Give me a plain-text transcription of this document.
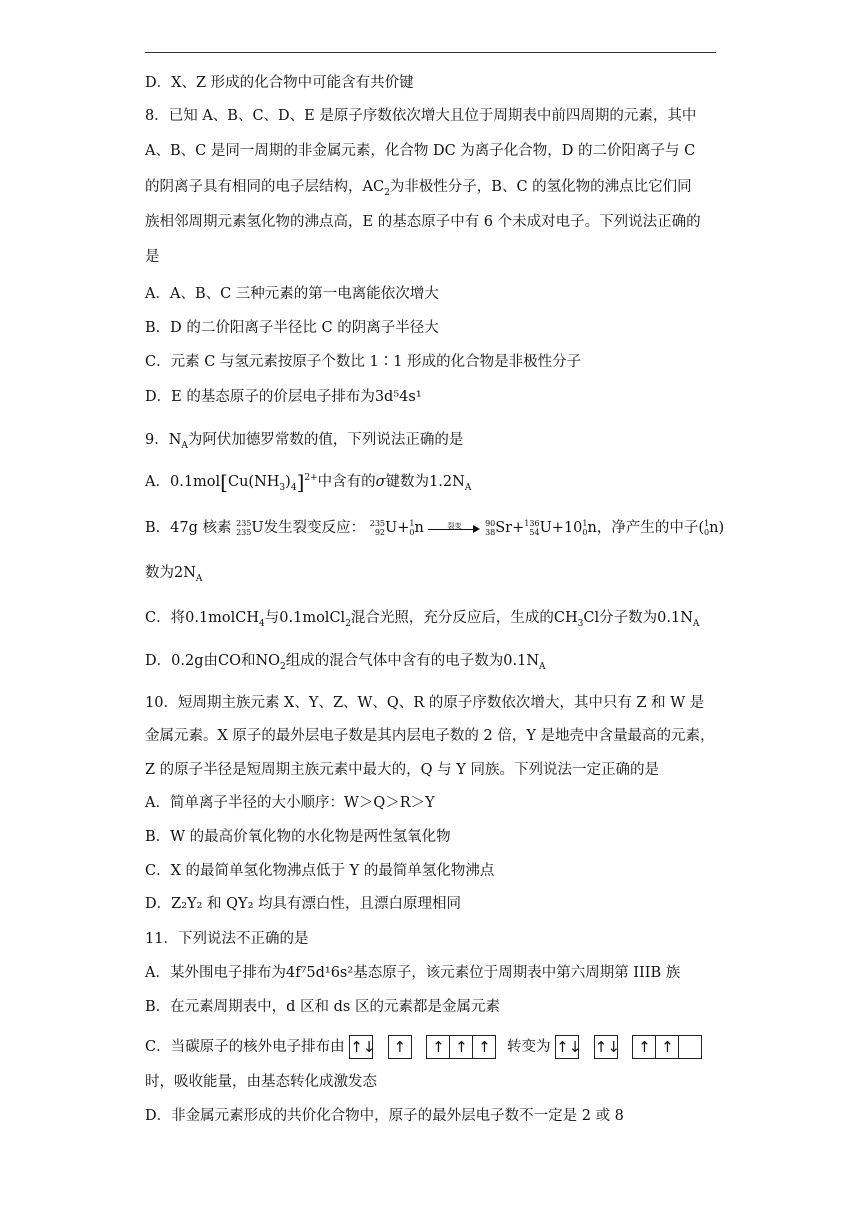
D．X、Z 形成的化合物中可能含有共价键
8．已知 A、B、C、D、E 是原子序数依次增大且位于周期表中前四周期的元素，其中
A、B、C 是同一周期的非金属元素，化合物 DC 为离子化合物，D 的二价阳离子与 C
的阴离子具有相同的电子层结构，$AC_2$为非极性分子，B、C 的氢化物的沸点比它们同
族相邻周期元素氢化物的沸点高，E 的基态原子中有 6 个未成对电子。下列说法正确的
是
A．A、B、C 三种元素的第一电离能依次增大
B．D 的二价阳离子半径比 C 的阴离子半径大
C．元素 C 与氢元素按原子个数比 1∶1 形成的化合物是非极性分子
D．E 的基态原子的价层电子排布为3d⁵4s¹
9．$N_A$为阿伏加德罗常数的值，下列说法正确的是
A．$0.1mol[Cu(NH_3)_4]^{2+}$中含有的σ键数为$1.2N_A$
B．47g 核素 235
235 U发生裂变反应： 235
92 U+ 1
0 n	裂变
	90
38 Sr+ 136
54 U+10 1
0 n，净产生的中子( 1
0 n)
数为$2N_A$
C．将0.1molCH$_4$与0.1molCl$_2$混合光照，充分反应后，生成的$CH_3Cl$分子数为$0.1N_A$
D．0.2g由CO和$NO_2$组成的混合气体中含有的电子数为$0.1N_A$
10．短周期主族元素 X、Y、Z、W、Q、R 的原子序数依次增大，其中只有 Z 和 W 是
金属元素。X 原子的最外层电子数是其内层电子数的 2 倍，Y 是地壳中含量最高的元素，
Z 的原子半径是短周期主族元素中最大的，Q 与 Y 同族。下列说法一定正确的是
A．简单离子半径的大小顺序：W＞Q＞R＞Y
B．W 的最高价氧化物的水化物是两性氢氧化物
C．X 的最简单氢化物沸点低于 Y 的最简单氢化物沸点
D．Z₂Y₂ 和 QY₂ 均具有漂白性，且漂白原理相同
11．下列说法不正确的是
A．某外围电子排布为4f⁷5d¹6s²基态原子，该元素位于周期表中第六周期第 IIIB 族
B．在元素周期表中，d 区和 ds 区的元素都是金属元素
C．当碳原子的核外电子排布由 ↑↓ ↑ ↑ ↑ ↑ 转变为 ↑↓ ↑↓ ↑ ↑
时，吸收能量，由基态转化成激发态
D．非金属元素形成的共价化合物中，原子的最外层电子数不一定是 2 或 8
